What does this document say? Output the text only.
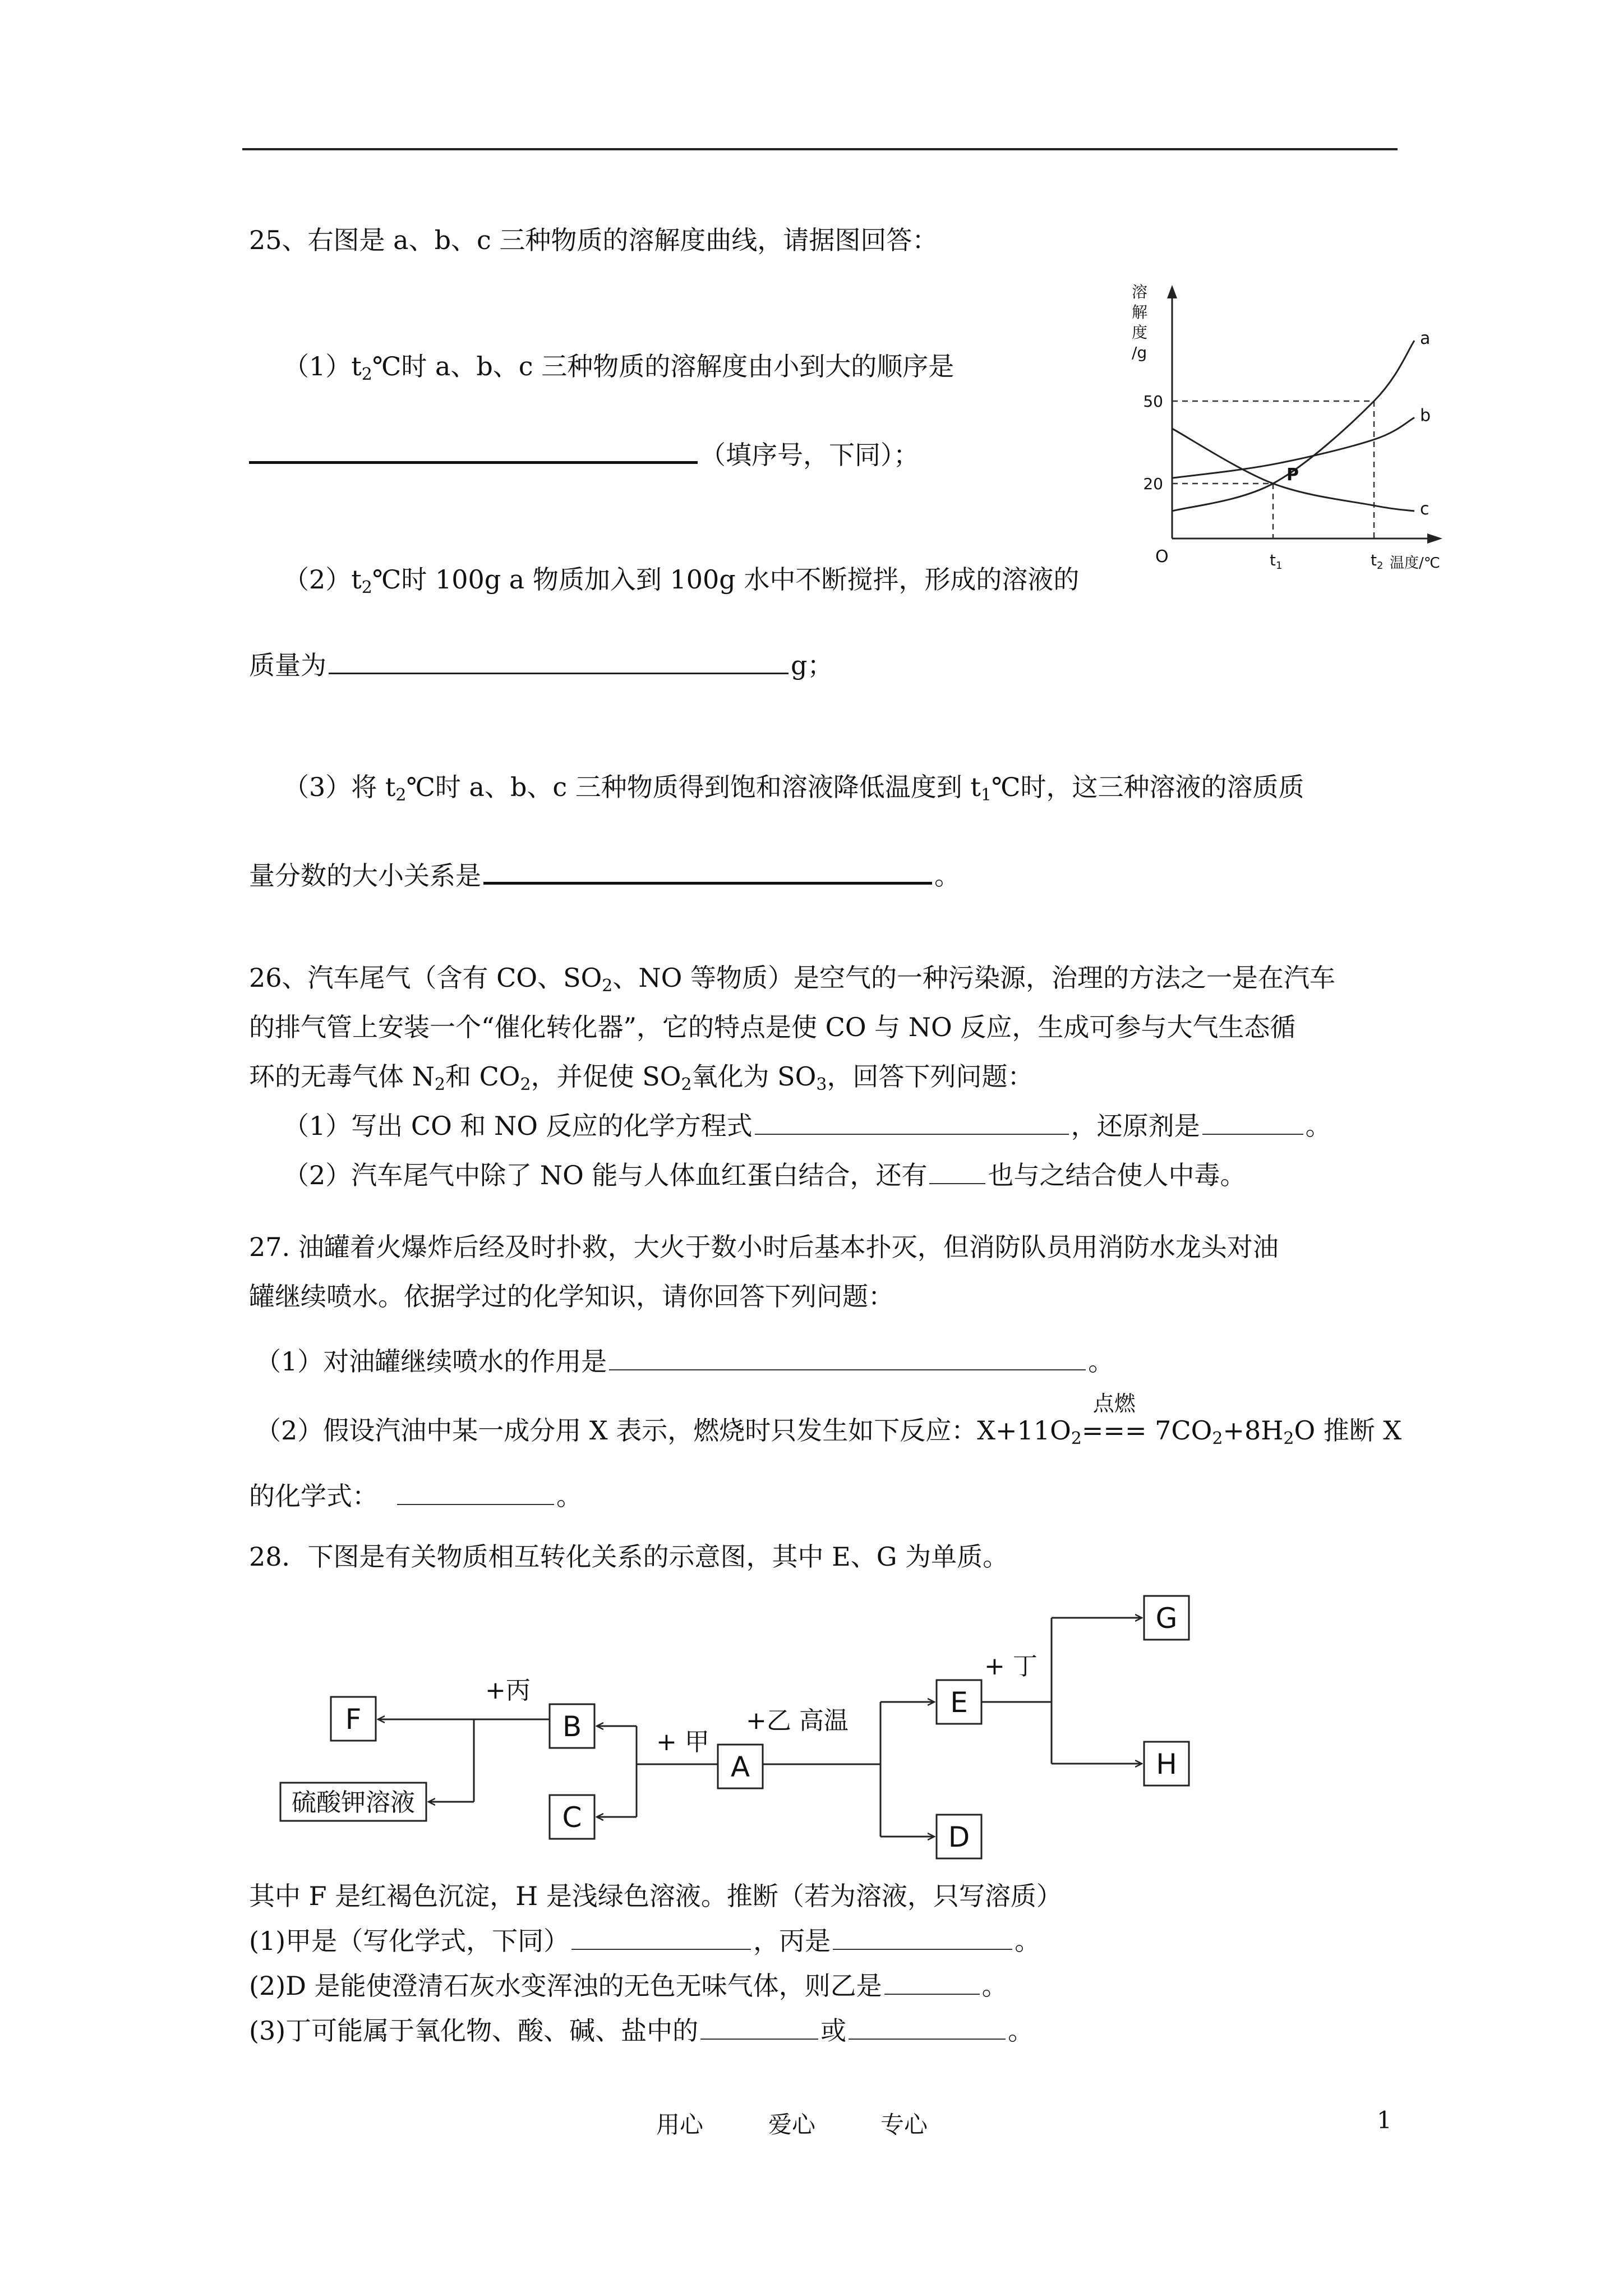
25、右图是 a、b、c 三种物质的溶解度曲线，请据图回答：
$(1)t_2℃$时 a、b、c 三种物质的溶解度由小到大的顺序是
（填序号，下同）；
$(2)t_2℃$时 100g a 物质加入到 100g 水中不断搅拌，形成的溶液的
质量为	g；
（3）将 $t_2℃$时 a、b、c 三种物质得到饱和溶液降低温度到 $t_1℃$时，这三种溶液的溶质质
量分数的大小关系是	。
a
b
c
溶
解
度
/g
20
50
$t_1$	$t_2$
O	温度/℃
P
26、汽车尾气（含有 CO、$SO_2$、NO 等物质）是空气的一种污染源，治理的方法之一是在汽车
的排气管上安装一个“催化转化器”，它的特点是使 CO 与 NO 反应，生成可参与大气生态循
环的无毒气体 $N_2$和 $CO_2$，并促使 $SO_2$氧化为 $SO_3$，回答下列问题：
（1）写出 CO 和 NO 反应的化学方程式	，还原剂是	。
（2）汽车尾气中除了 NO 能与人体血红蛋白结合，还有 也与之结合使人中毒。
27. 油罐着火爆炸后经及时扑救，大火于数小时后基本扑灭，但消防队员用消防水龙头对油
罐继续喷水。依据学过的化学知识，请你回答下列问题：
（1）对油罐继续喷水的作用是	。
（2）假设汽油中某一成分用 X 表示，燃烧时只发生如下反应：$X+11O_2$
点燃
=== $7CO_2+8H_2O$ 推断 X
的化学式：	。
28．下图是有关物质相互转化关系的示意图，其中 E、G 为单质。
F	B
C
A
E
D
G
H
硫酸钾溶液
+丙
+ 甲
+乙 高温
+ 丁
其中 F 是红褐色沉淀，H 是浅绿色溶液。推断（若为溶液，只写溶质）
(1)甲是（写化学式，下同）	，丙是	。
(2)D 是能使澄清石灰水变浑浊的无色无味气体，则乙是	。
(3)丁可能属于氧化物、酸、碱、盐中的	或	。
用心	爱心	专心	1
